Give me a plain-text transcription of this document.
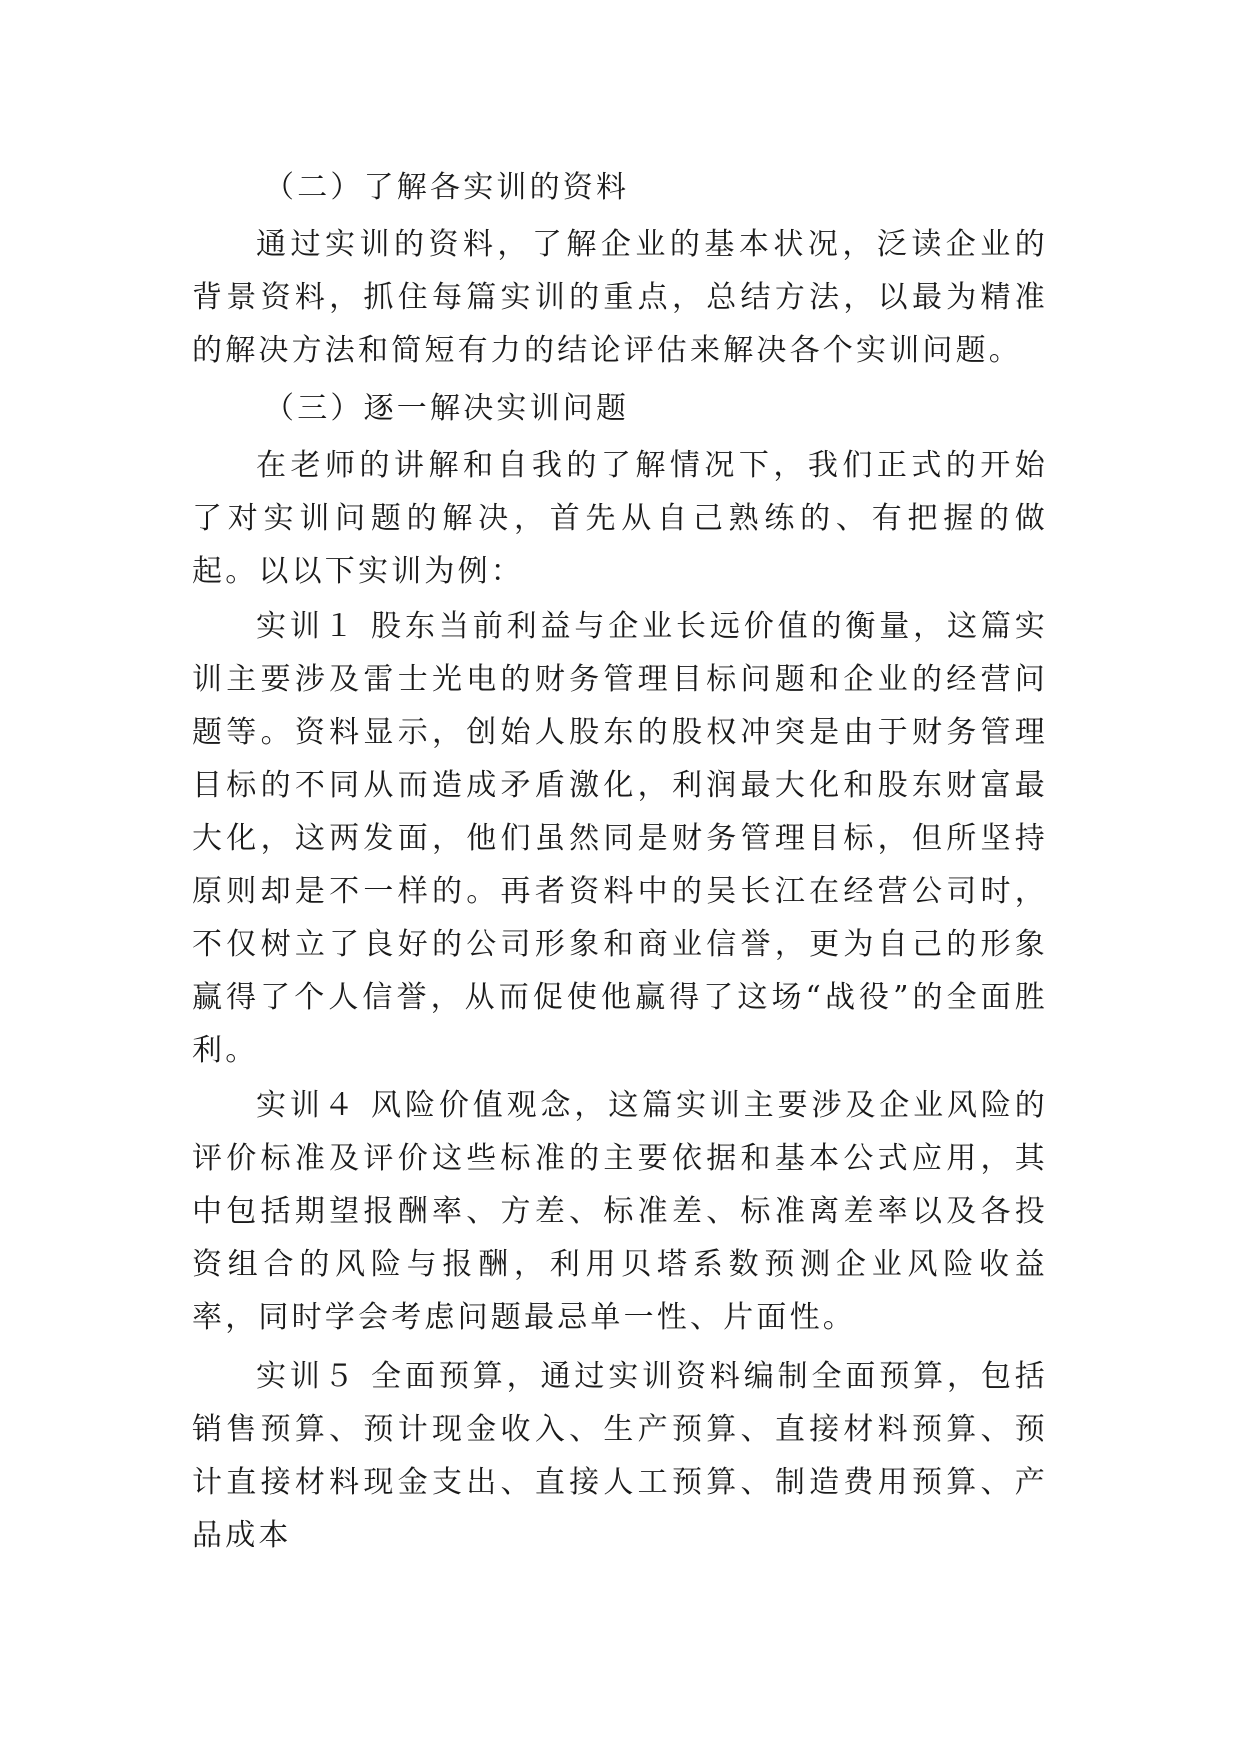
（二）了解各实训的资料

通过实训的资料，了解企业的基本状况，泛读企业的背景资料，抓住每篇实训的重点，总结方法，以最为精准的解决方法和简短有力的结论评估来解决各个实训问题。

（三）逐一解决实训问题

在老师的讲解和自我的了解情况下，我们正式的开始了对实训问题的解决，首先从自己熟练的、有把握的做起。以以下实训为例：

实训１ 股东当前利益与企业长远价值的衡量，这篇实训主要涉及雷士光电的财务管理目标问题和企业的经营问题等。资料显示，创始人股东的股权冲突是由于财务管理目标的不同从而造成矛盾激化，利润最大化和股东财富最大化，这两发面，他们虽然同是财务管理目标，但所坚持原则却是不一样的。再者资料中的吴长江在经营公司时，不仅树立了良好的公司形象和商业信誉，更为自己的形象赢得了个人信誉，从而促使他赢得了这场“战役”的全面胜利。

实训４ 风险价值观念，这篇实训主要涉及企业风险的评价标准及评价这些标准的主要依据和基本公式应用，其中包括期望报酬率、方差、标准差、标准离差率以及各投资组合的风险与报酬，利用贝塔系数预测企业风险收益率，同时学会考虑问题最忌单一性、片面性。

实训５ 全面预算，通过实训资料编制全面预算，包括销售预算、预计现金收入、生产预算、直接材料预算、预计直接材料现金支出、直接人工预算、制造费用预算、产品成本
